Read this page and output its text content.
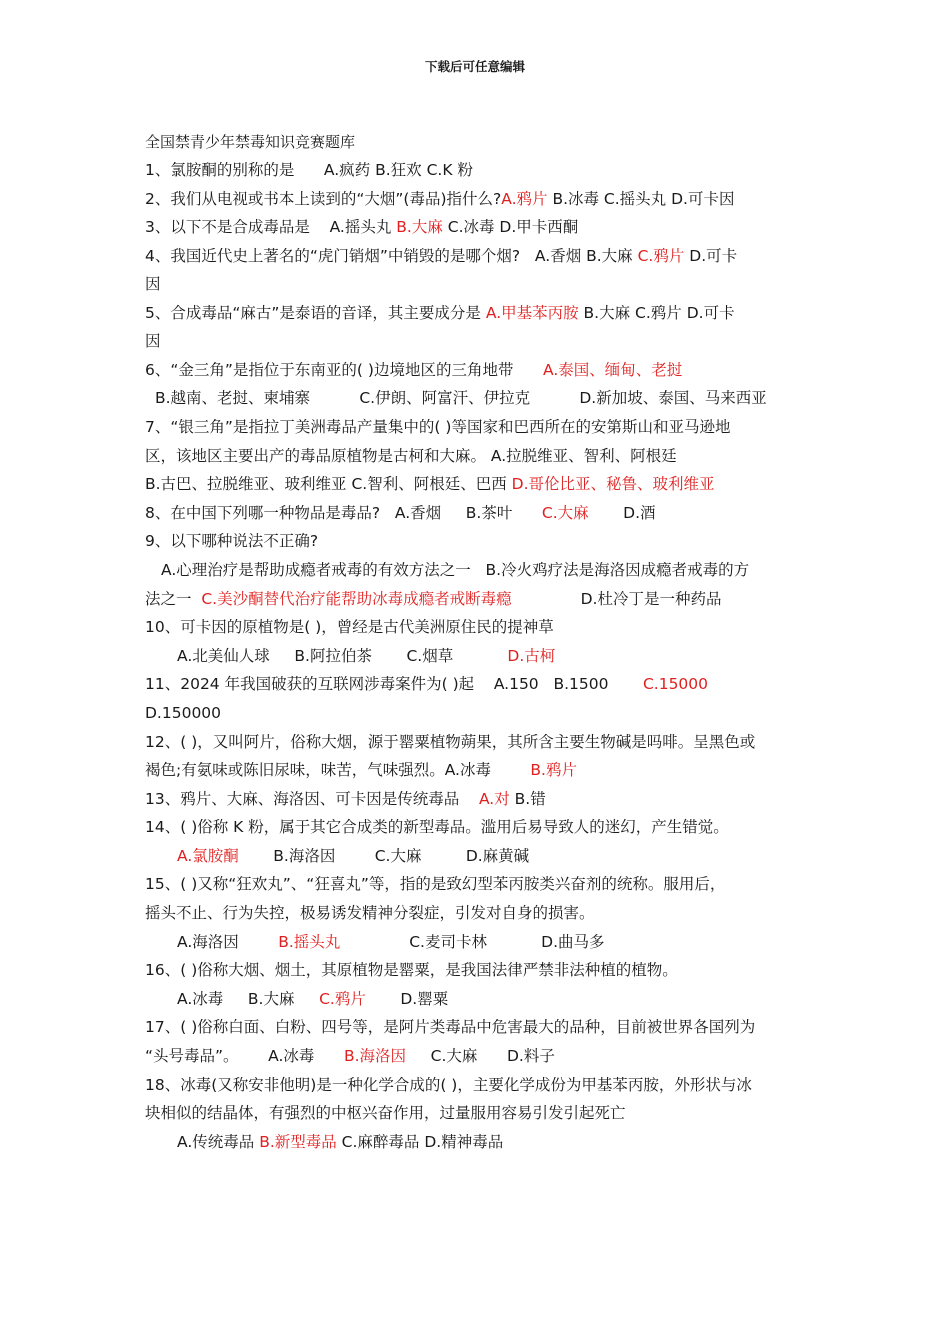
下载后可任意编辑
全国禁青少年禁毒知识竞赛题库
1、氯胺酮的别称的是      A.疯药 B.狂欢 C.K 粉
2、我们从电视或书本上读到的“大烟”(毒品)指什么?A.鸦片 B.冰毒 C.摇头丸 D.可卡因
3、以下不是合成毒品是    A.摇头丸 B.大麻 C.冰毒 D.甲卡西酮
4、我国近代史上著名的“虎门销烟”中销毁的是哪个烟?   A.香烟 B.大麻 C.鸦片 D.可卡
因
5、合成毒品“麻古”是泰语的音译，其主要成分是 A.甲基苯丙胺 B.大麻 C.鸦片 D.可卡
因
6、“金三角”是指位于东南亚的( )边境地区的三角地带      A.泰国、缅甸、老挝
B.越南、老挝、柬埔寨          C.伊朗、阿富汗、伊拉克          D.新加坡、泰国、马来西亚
7、“银三角”是指拉丁美洲毒品产量集中的( )等国家和巴西所在的安第斯山和亚马逊地
区，该地区主要出产的毒品原植物是古柯和大麻。 A.拉脱维亚、智利、阿根廷
B.古巴、拉脱维亚、玻利维亚 C.智利、阿根廷、巴西 D.哥伦比亚、秘鲁、玻利维亚
8、在中国下列哪一种物品是毒品?   A.香烟     B.茶叶      C.大麻       D.酒
9、以下哪种说法不正确?
A.心理治疗是帮助成瘾者戒毒的有效方法之一   B.冷火鸡疗法是海洛因成瘾者戒毒的方
法之一  C.美沙酮替代治疗能帮助冰毒成瘾者戒断毒瘾              D.杜冷丁是一种药品
10、可卡因的原植物是( )，曾经是古代美洲原住民的提神草
A.北美仙人球     B.阿拉伯茶       C.烟草           D.古柯
11、2024 年我国破获的互联网涉毒案件为( )起    A.150   B.1500       C.15000
D.150000
12、( )，又叫阿片，俗称大烟，源于罂粟植物蒴果，其所含主要生物碱是吗啡。呈黑色或
褐色;有氨味或陈旧尿味，味苦，气味强烈。A.冰毒        B.鸦片
13、鸦片、大麻、海洛因、可卡因是传统毒品    A.对 B.错
14、( )俗称 K 粉，属于其它合成类的新型毒品。滥用后易导致人的迷幻，产生错觉。
A.氯胺酮       B.海洛因        C.大麻         D.麻黄碱
15、( )又称“狂欢丸”、“狂喜丸”等，指的是致幻型苯丙胺类兴奋剂的统称。服用后，
摇头不止、行为失控，极易诱发精神分裂症，引发对自身的损害。
A.海洛因        B.摇头丸              C.麦司卡林           D.曲马多
16、( )俗称大烟、烟土，其原植物是罂粟，是我国法律严禁非法种植的植物。
A.冰毒     B.大麻     C.鸦片       D.罂粟
17、( )俗称白面、白粉、四号等，是阿片类毒品中危害最大的品种，目前被世界各国列为
“头号毒品”。      A.冰毒      B.海洛因     C.大麻      D.料子
18、冰毒(又称安非他明)是一种化学合成的( )，主要化学成份为甲基苯丙胺，外形状与冰
块相似的结晶体，有强烈的中枢兴奋作用，过量服用容易引发引起死亡
A.传统毒品 B.新型毒品 C.麻醉毒品 D.精神毒品
